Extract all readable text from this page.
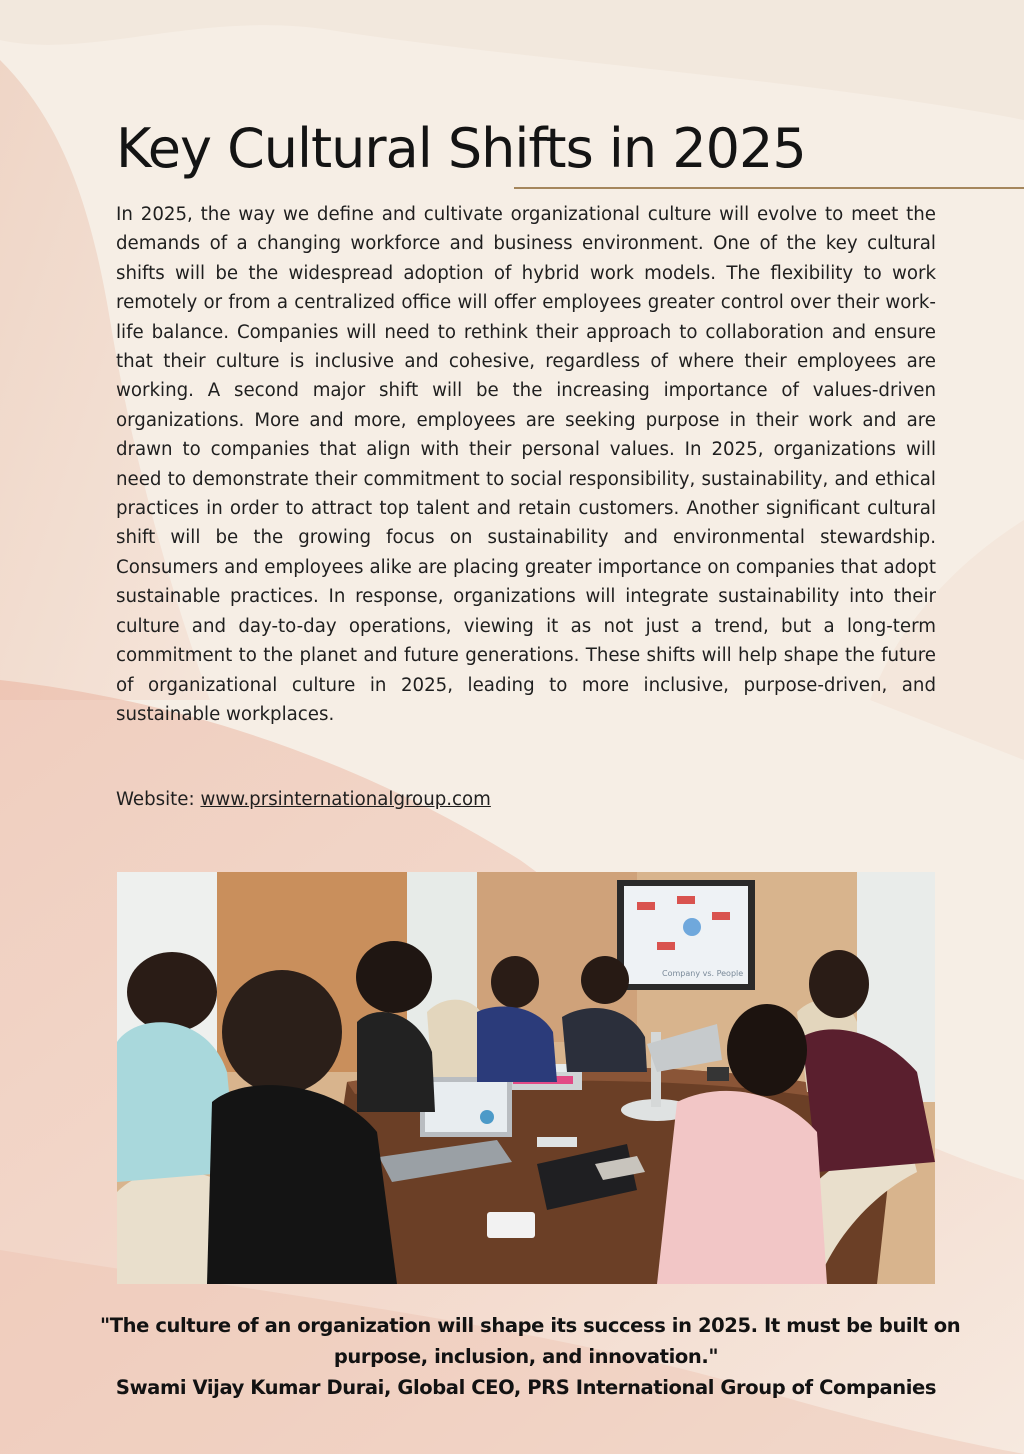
Key Cultural Shifts in 2025

In 2025, the way we define and cultivate organizational culture will evolve to meet the demands of a changing workforce and business environment. One of the key cultural shifts will be the widespread adoption of hybrid work models. The flexibility to work remotely or from a centralized office will offer employees greater control over their work-life balance. Companies will need to rethink their approach to collaboration and ensure that their culture is inclusive and cohesive, regardless of where their employees are working. A second major shift will be the increasing importance of values-driven organizations. More and more, employees are seeking purpose in their work and are drawn to companies that align with their personal values. In 2025, organizations will need to demonstrate their commitment to social responsibility, sustainability, and ethical practices in order to attract top talent and retain customers. Another significant cultural shift will be the growing focus on sustainability and environmental stewardship. Consumers and employees alike are placing greater importance on companies that adopt sustainable practices. In response, organizations will integrate sustainability into their culture and day-to-day operations, viewing it as not just a trend, but a long-term commitment to the planet and future generations. These shifts will help shape the future of organizational culture in 2025, leading to more inclusive, purpose-driven, and sustainable workplaces.

Website: www.prsinternationalgroup.com
Company vs. People
"The culture of an organization will shape its success in 2025. It must be built on
purpose, inclusion, and innovation."
Swami Vijay Kumar Durai, Global CEO, PRS International Group of Companies
